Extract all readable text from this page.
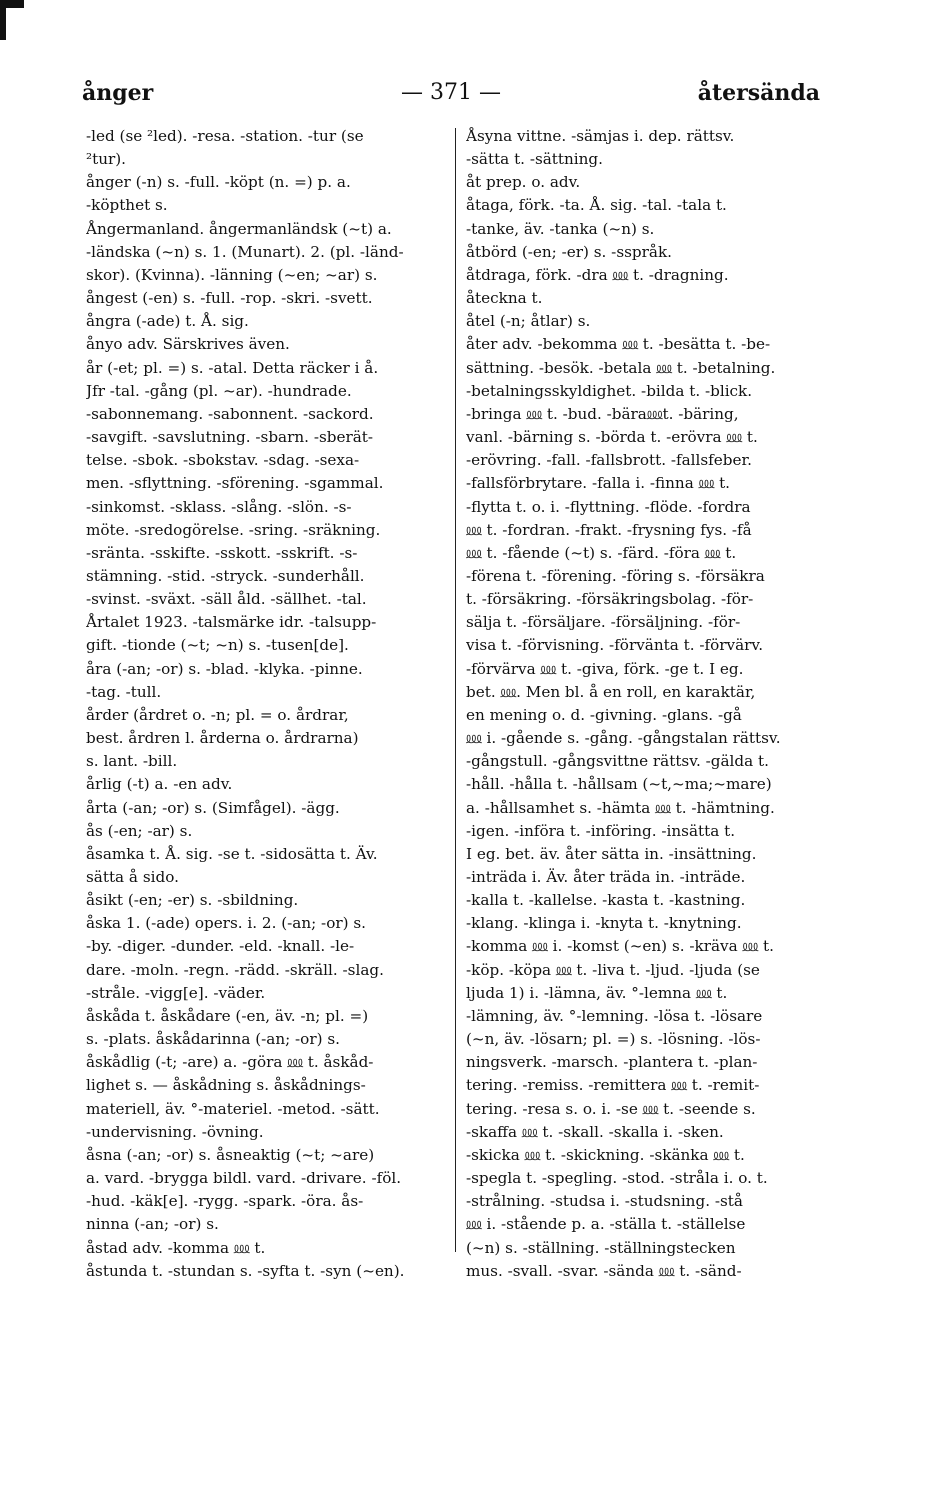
ånger	— 371 —	återsända
-led (se ²led). -resa. -station. -tur (se
²tur).
ånger (-n) s. -full. -köpt (n. =) p. a.
-köpthet s.
Ångermanland. ångermanländsk (~t) a.
-ländska (~n) s. 1. (Munart). 2. (pl. -länd-
skor). (Kvinna). -länning (~en; ~ar) s.
ångest (-en) s. -full. -rop. -skri. -svett.
ångra (-ade) t. Å. sig.
ånyo adv. Särskrives även.
år (-et; pl. =) s. -atal. Detta räcker i å.
Jfr -tal. -gång (pl. ~ar). -hundrade.
-sabonnemang. -sabonnent. -sackord.
-savgift. -savslutning. -sbarn. -sberät-
telse. -sbok. -sbokstav. -sdag. -sexa-
men. -sflyttning. -sförening. -sgammal.
-sinkomst. -sklass. -slång. -slön. -s-
möte. -sredogörelse. -sring. -sräkning.
-sränta. -sskifte. -sskott. -sskrift. -s-
stämning. -stid. -stryck. -sunderhåll.
-svinst. -sväxt. -säll åld. -sällhet. -tal.
Årtalet 1923. -talsmärke idr. -talsupp-
gift. -tionde (~t; ~n) s. -tusen[de].
åra (-an; -or) s. -blad. -klyka. -pinne.
-tag. -tull.
årder (årdret o. -n; pl. = o. årdrar,
best. årdren l. årderna o. årdrarna)
s. lant. -bill.
årlig (-t) a. -en adv.
årta (-an; -or) s. (Simfågel). -ägg.
ås (-en; -ar) s.
åsamka t. Å. sig. -se t. -sidosätta t. Äv.
sätta å sido.
åsikt (-en; -er) s. -sbildning.
åska 1. (-ade) opers. i. 2. (-an; -or) s.
-by. -diger. -dunder. -eld. -knall. -le-
dare. -moln. -regn. -rädd. -skräll. -slag.
-stråle. -vigg[e]. -väder.
åskåda t. åskådare (-en, äv. -n; pl. =)
s. -plats. åskådarinna (-an; -or) s.
åskådlig (-t; -are) a. -göra ⅏ t. åskåd-
lighet s. — åskådning s. åskådnings-
materiell, äv. °-materiel. -metod. -sätt.
-undervisning. -övning.
åsna (-an; -or) s. åsneaktig (~t; ~are)
a. vard. -brygga bildl. vard. -drivare. -föl.
-hud. -käk[e]. -rygg. -spark. -öra. ås-
ninna (-an; -or) s.
åstad adv. -komma ⅏ t.
åstunda t. -stundan s. -syfta t. -syn (~en).
Åsyna vittne. -sämjas i. dep. rättsv.
-sätta t. -sättning.
åt prep. o. adv.
åtaga, förk. -ta. Å. sig. -tal. -tala t.
-tanke, äv. -tanka (~n) s.
åtbörd (-en; -er) s. -sspråk.
åtdraga, förk. -dra ⅏ t. -dragning.
åteckna t.
åtel (-n; åtlar) s.
åter adv. -bekomma ⅏ t. -besätta t. -be-
sättning. -besök. -betala ⅏ t. -betalning.
-betalningsskyldighet. -bilda t. -blick.
-bringa ⅏ t. -bud. -bära⅏t. -bäring,
vanl. -bärning s. -börda t. -erövra ⅏ t.
-erövring. -fall. -fallsbrott. -fallsfeber.
-fallsförbrytare. -falla i. -finna ⅏ t.
-flytta t. o. i. -flyttning. -flöde. -fordra
⅏ t. -fordran. -frakt. -frysning fys. -få
⅏ t. -fående (~t) s. -färd. -föra ⅏ t.
-förena t. -förening. -föring s. -försäkra
t. -försäkring. -försäkringsbolag. -för-
sälja t. -försäljare. -försäljning. -för-
visa t. -förvisning. -förvänta t. -förvärv.
-förvärva ⅏ t. -giva, förk. -ge t. I eg.
bet. ⅏. Men bl. å en roll, en karaktär,
en mening o. d. -givning. -glans. -gå
⅏ i. -gående s. -gång. -gångstalan rättsv.
-gångstull. -gångsvittne rättsv. -gälda t.
-håll. -hålla t. -hållsam (~t,~ma;~mare)
a. -hållsamhet s. -hämta ⅏ t. -hämtning.
-igen. -införa t. -införing. -insätta t.
I eg. bet. äv. åter sätta in. -insättning.
-inträda i. Äv. åter träda in. -inträde.
-kalla t. -kallelse. -kasta t. -kastning.
-klang. -klinga i. -knyta t. -knytning.
-komma ⅏ i. -komst (~en) s. -kräva ⅏ t.
-köp. -köpa ⅏ t. -liva t. -ljud. -ljuda (se
ljuda 1) i. -lämna, äv. °-lemna ⅏ t.
-lämning, äv. °-lemning. -lösa t. -lösare
(~n, äv. -lösarn; pl. =) s. -lösning. -lös-
ningsverk. -marsch. -plantera t. -plan-
tering. -remiss. -remittera ⅏ t. -remit-
tering. -resa s. o. i. -se ⅏ t. -seende s.
-skaffa ⅏ t. -skall. -skalla i. -sken.
-skicka ⅏ t. -skickning. -skänka ⅏ t.
-spegla t. -spegling. -stod. -stråla i. o. t.
-strålning. -studsa i. -studsning. -stå
⅏ i. -stående p. a. -ställa t. -ställelse
(~n) s. -ställning. -ställningstecken
mus. -svall. -svar. -sända ⅏ t. -sänd-
